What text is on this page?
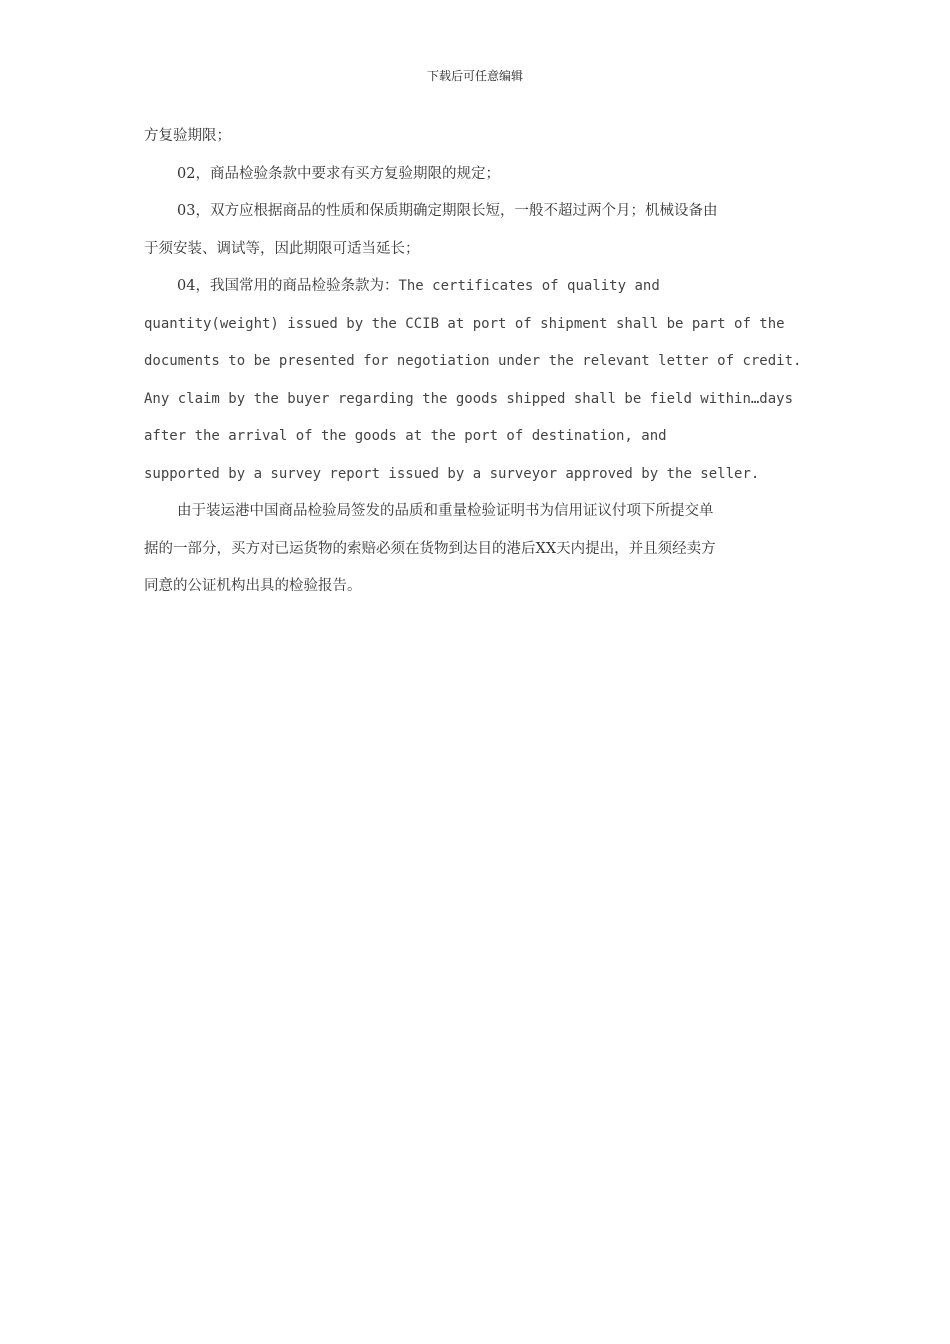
下载后可任意编辑
方复验期限；
02，商品检验条款中要求有买方复验期限的规定；
03，双方应根据商品的性质和保质期确定期限长短，一般不超过两个月；机械设备由
于须安装、调试等，因此期限可适当延长；
04，我国常用的商品检验条款为：The certificates of quality and
quantity(weight) issued by the CCIB at port of shipment shall be part of the
documents to be presented for negotiation under the relevant letter of credit.
Any claim by the buyer regarding the goods shipped shall be field within…days
after the arrival of the goods at the port of destination, and
supported by a survey report issued by a surveyor approved by the seller.
由于装运港中国商品检验局签发的品质和重量检验证明书为信用证议付项下所提交单
据的一部分，买方对已运货物的索赔必须在货物到达目的港后XX天内提出，并且须经卖方
同意的公证机构出具的检验报告。
